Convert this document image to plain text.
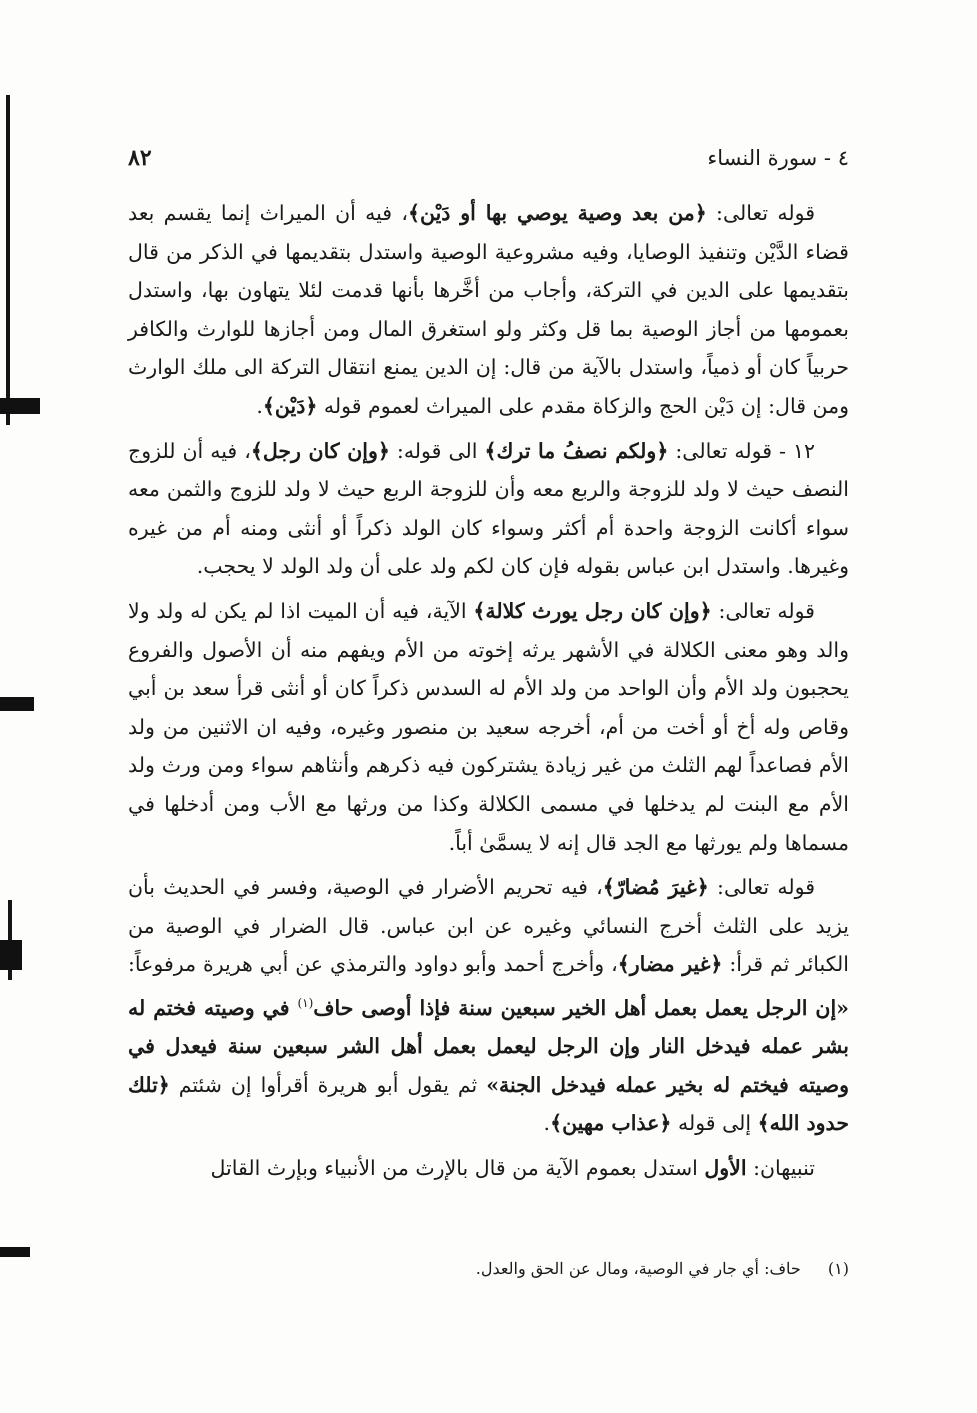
٤ - سورة النساء
٨٢

قوله تعالى: ﴿من بعد وصية يوصي بها أو دَيْن﴾، فيه أن الميراث إنما يقسم بعد قضاء الدَّيْن وتنفيذ الوصايا، وفيه مشروعية الوصية واستدل بتقديمها في الذكر من قال بتقديمها على الدين في التركة، وأجاب من أخَّرها بأنها قدمت لئلا يتهاون بها، واستدل بعمومها من أجاز الوصية بما قل وكثر ولو استغرق المال ومن أجازها للوارث والكافر حربياً كان أو ذمياً، واستدل بالآية من قال: إن الدين يمنع انتقال التركة الى ملك الوارث ومن قال: إن دَيْن الحج والزكاة مقدم على الميراث لعموم قوله ﴿دَيْن﴾.

١٢ - قوله تعالى: ﴿ولكم نصفُ ما ترك﴾ الى قوله: ﴿وإن كان رجل﴾، فيه أن للزوج النصف حيث لا ولد للزوجة والربع معه وأن للزوجة الربع حيث لا ولد للزوج والثمن معه سواء أكانت الزوجة واحدة أم أكثر وسواء كان الولد ذكراً أو أنثى ومنه أم من غيره وغيرها. واستدل ابن عباس بقوله فإن كان لكم ولد على أن ولد الولد لا يحجب.

قوله تعالى: ﴿وإن كان رجل يورث كلالة﴾ الآية، فيه أن الميت اذا لم يكن له ولد ولا والد وهو معنى الكلالة في الأشهر يرثه إخوته من الأم ويفهم منه أن الأصول والفروع يحجبون ولد الأم وأن الواحد من ولد الأم له السدس ذكراً كان أو أنثى قرأ سعد بن أبي وقاص وله أخ أو أخت من أم، أخرجه سعيد بن منصور وغيره، وفيه ان الاثنين من ولد الأم فصاعداً لهم الثلث من غير زيادة يشتركون فيه ذكرهم وأنثاهم سواء ومن ورث ولد الأم مع البنت لم يدخلها في مسمى الكلالة وكذا من ورثها مع الأب ومن أدخلها في مسماها ولم يورثها مع الجد قال إنه لا يسمَّىٰ أباً.

قوله تعالى: ﴿غيرَ مُضارّ﴾، فيه تحريم الأضرار في الوصية، وفسر في الحديث بأن يزيد على الثلث أخرج النسائي وغيره عن ابن عباس. قال الضرار في الوصية من الكبائر ثم قرأ: ﴿غير مضار﴾، وأخرج أحمد وأبو دواود والترمذي عن أبي هريرة مرفوعاً: «إن الرجل يعمل بعمل أهل الخير سبعين سنة فإذا أوصى حاف$^{(١)}$ في وصيته فختم له بشر عمله فيدخل النار وإن الرجل ليعمل بعمل أهل الشر سبعين سنة فيعدل في وصيته فيختم له بخير عمله فيدخل الجنة» ثم يقول أبو هريرة أقرأوا إن شئتم ﴿تلك حدود الله﴾ إلى قوله ﴿عذاب مهين﴾.

تنبيهان: الأول استدل بعموم الآية من قال بالإرث من الأنبياء وبإرث القاتل

(١) حاف: أي جار في الوصية، ومال عن الحق والعدل.
